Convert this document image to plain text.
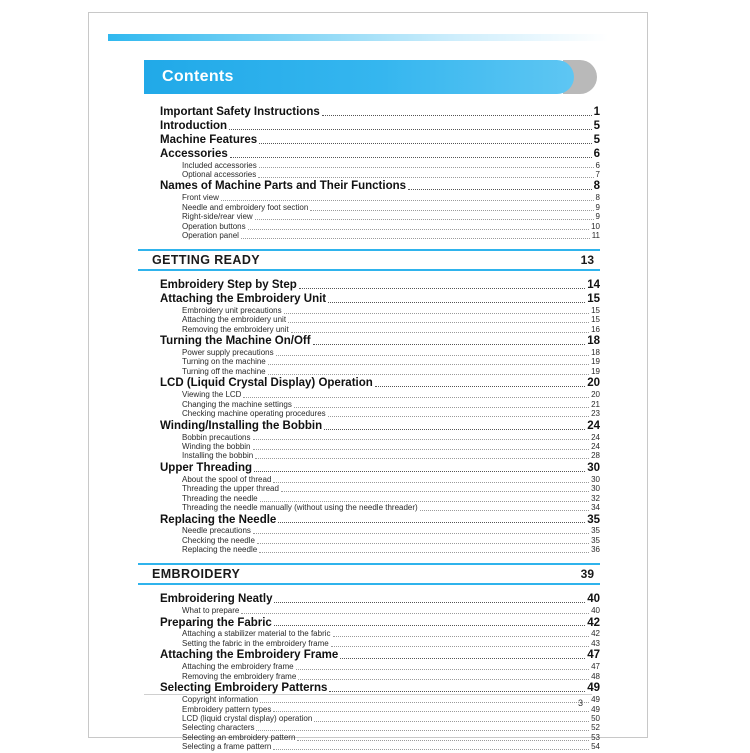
Contents
Important Safety Instructions	1
Introduction	5
Machine Features	5
Accessories	6
Included accessories	6
Optional accessories	7
Names of Machine Parts and Their Functions	8
Front view	8
Needle and embroidery foot section	9
Right-side/rear view	9
Operation buttons	10
Operation panel	11
GETTING READY	13
Embroidery Step by Step	14
Attaching the Embroidery Unit	15
Embroidery unit precautions	15
Attaching the embroidery unit	15
Removing the embroidery unit	16
Turning the Machine On/Off	18
Power supply precautions	18
Turning on the machine	19
Turning off the machine	19
LCD (Liquid Crystal Display) Operation	20
Viewing the LCD	20
Changing the machine settings	21
Checking machine operating procedures	23
Winding/Installing the Bobbin	24
Bobbin precautions	24
Winding the bobbin	24
Installing the bobbin	28
Upper Threading	30
About the spool of thread	30
Threading the upper thread	30
Threading the needle	32
Threading the needle manually (without using the needle threader)	34
Replacing the Needle	35
Needle precautions	35
Checking the needle	35
Replacing the needle	36
EMBROIDERY	39
Embroidering Neatly	40
What to prepare	40
Preparing the Fabric	42
Attaching a stabilizer material to the fabric	42
Setting the fabric in the embroidery frame	43
Attaching the Embroidery Frame	47
Attaching the embroidery frame	47
Removing the embroidery frame	48
Selecting Embroidery Patterns	49
Copyright information	49
Embroidery pattern types	49
LCD (liquid crystal display) operation	50
Selecting characters	52
Selecting an embroidery pattern	53
Selecting a frame pattern	54
3
